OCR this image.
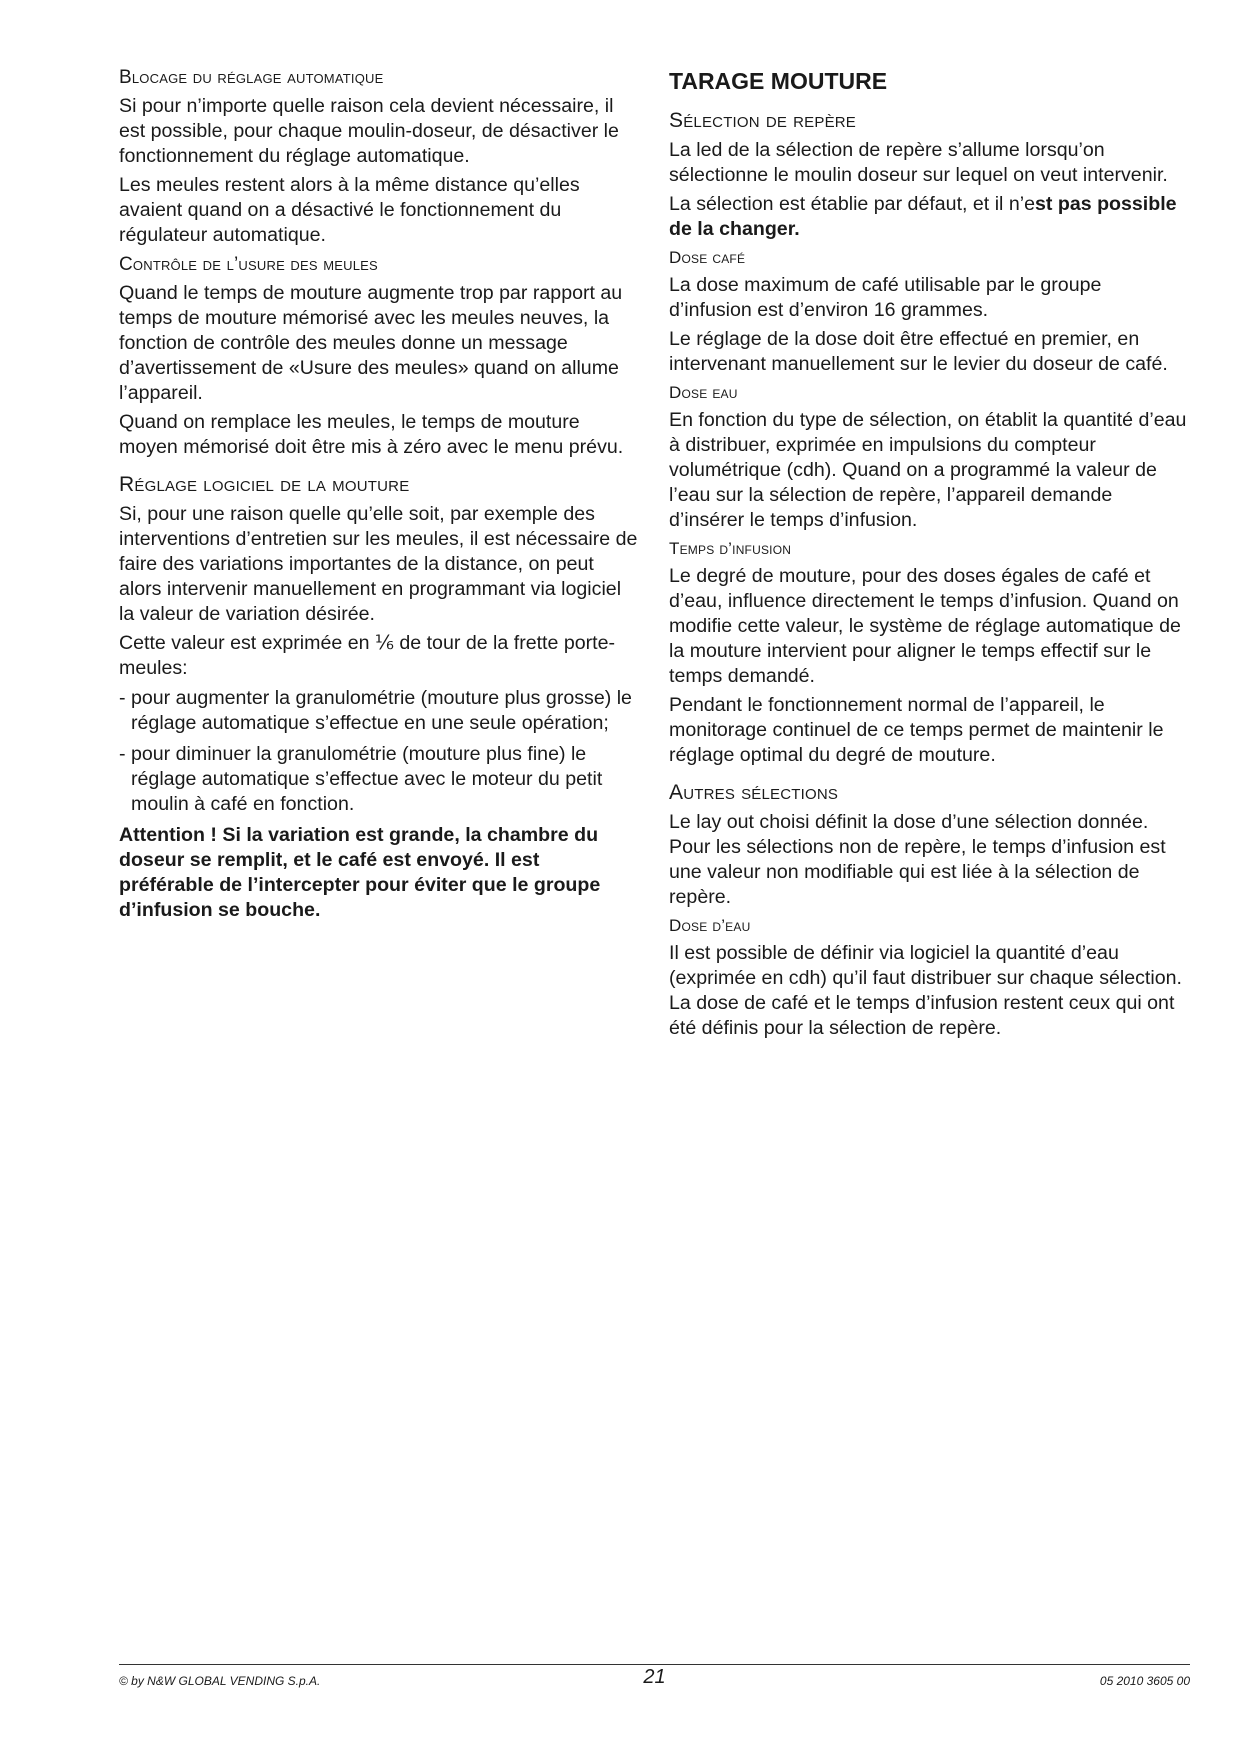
Blocage du réglage automatique

Si pour n’importe quelle raison cela devient nécessaire, il est possible, pour chaque moulin-doseur, de désactiver le fonctionnement du réglage automatique.

Les meules restent alors à la même distance qu’elles avaient quand on a désactivé le fonctionnement du régulateur automatique.

Contrôle de l’usure des meules

Quand le temps de mouture augmente trop par rapport au temps de mouture mémorisé avec les meules neuves, la fonction de contrôle des meules donne un message d’avertissement de «Usure des meules» quand on allume l’appareil.

Quand on remplace les meules, le temps de mouture moyen mémorisé doit être mis à zéro avec le menu prévu.

Réglage logiciel de la mouture

Si, pour une raison quelle qu’elle soit, par exemple des interventions d’entretien sur les meules, il est nécessaire de faire des variations importantes de la distance, on peut alors intervenir manuellement en programmant via logiciel la valeur de variation désirée.

Cette valeur est exprimée en ⅙ de tour de la frette porte-meules:

- pour augmenter la granulométrie (mouture plus grosse) le réglage automatique s’effectue en une seule opération;

- pour diminuer la granulométrie (mouture plus fine) le réglage automatique s’effectue avec le moteur du petit moulin à café en fonction.

Attention ! Si la variation est grande, la chambre du doseur se remplit, et le café est envoyé. Il est préférable de l’intercepter pour éviter que le groupe d’infusion se bouche.

TARAGE MOUTURE
Sélection de repère

La led de la sélection de repère s’allume lorsqu’on sélectionne le moulin doseur sur lequel on veut intervenir.

La sélection est établie par défaut, et il n’est pas possible de la changer.

Dose café

La dose maximum de café utilisable par le groupe d’infusion est d’environ 16 grammes.

Le réglage de la dose doit être effectué en premier, en intervenant manuellement sur le levier du doseur de café.

Dose eau

En fonction du type de sélection, on établit la quantité d’eau à distribuer, exprimée en impulsions du compteur volumétrique (cdh). Quand on a programmé la valeur de l’eau sur la sélection de repère, l’appareil demande d’insérer le temps d’infusion.

Temps d’infusion

Le degré de mouture, pour des doses égales de café et d’eau, influence directement le temps d’infusion. Quand on modifie cette valeur, le système de réglage automatique de la mouture intervient pour aligner le temps effectif sur le temps demandé.

Pendant le fonctionnement normal de l’appareil, le monitorage continuel de ce temps permet de maintenir le réglage optimal du degré de mouture.

Autres sélections

Le lay out choisi définit la dose d’une sélection donnée. Pour les sélections non de repère, le temps d’infusion est une valeur non modifiable qui est liée à la sélection de repère.

Dose d’eau

Il est possible de définir via logiciel la quantité d’eau (exprimée en cdh) qu’il faut distribuer sur chaque sélection. La dose de café et le temps d’infusion restent ceux qui ont été définis pour la sélection de repère.

© by N&W GLOBAL VENDING S.p.A.	21	05 2010 3605 00
